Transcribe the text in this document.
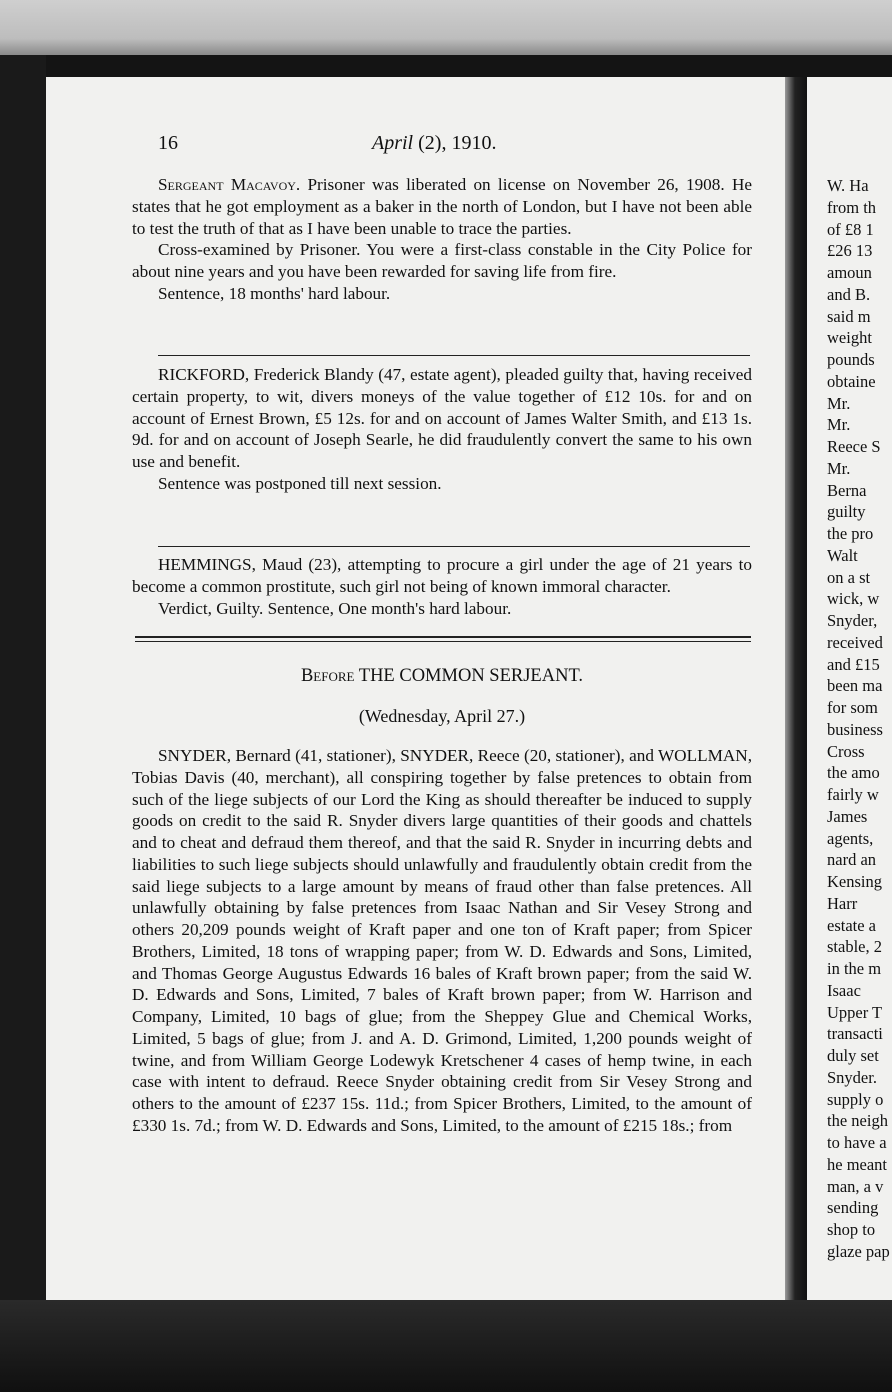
W. Ha
from th
of £8 1
£26 13
amoun
and B.
said m
weight
pounds
obtaine
Mr.
Mr.
Reece S
Mr.
Berna
guilty
the pro
Walt
on a st
wick, w
Snyder,
received
and £15
been ma
for som
business
Cross
the amo
fairly w
James
agents,
nard an
Kensing
Harr
estate a
stable, 2
in the m
Isaac
Upper T
transacti
duly set
Snyder.
supply o
the neigh
to have a
he meant
man, a v
sending
shop to
glaze pap
16	April (2), 1910.

Sergeant Macavoy. Prisoner was liberated on license on November 26, 1908. He states that he got employment as a baker in the north of London, but I have not been able to test the truth of that as I have been unable to trace the parties.

Cross-examined by Prisoner. You were a first-class constable in the City Police for about nine years and you have been rewarded for saving life from fire.

Sentence, 18 months' hard labour.

RICKFORD, Frederick Blandy (47, estate agent), pleaded guilty that, having received certain property, to wit, divers moneys of the value together of £12 10s. for and on account of Ernest Brown, £5 12s. for and on account of James Walter Smith, and £13 1s. 9d. for and on account of Joseph Searle, he did fraudulently convert the same to his own use and benefit.

Sentence was postponed till next session.

HEMMINGS, Maud (23), attempting to procure a girl under the age of 21 years to become a common prostitute, such girl not being of known immoral character.

Verdict, Guilty. Sentence, One month's hard labour.

Before THE COMMON SERJEANT.
(Wednesday, April 27.)

SNYDER, Bernard (41, stationer), SNYDER, Reece (20, stationer), and WOLLMAN, Tobias Davis (40, merchant), all conspiring together by false pretences to obtain from such of the liege subjects of our Lord the King as should thereafter be induced to supply goods on credit to the said R. Snyder divers large quantities of their goods and chattels and to cheat and defraud them thereof, and that the said R. Snyder in incurring debts and liabilities to such liege subjects should unlawfully and fraudulently obtain credit from the said liege subjects to a large amount by means of fraud other than false pretences. All unlawfully obtaining by false pretences from Isaac Nathan and Sir Vesey Strong and others 20,209 pounds weight of Kraft paper and one ton of Kraft paper; from Spicer Brothers, Limited, 18 tons of wrapping paper; from W. D. Edwards and Sons, Limited, and Thomas George Augustus Edwards 16 bales of Kraft brown paper; from the said W. D. Edwards and Sons, Limited, 7 bales of Kraft brown paper; from W. Harrison and Company, Limited, 10 bags of glue; from the Sheppey Glue and Chemical Works, Limited, 5 bags of glue; from J. and A. D. Grimond, Limited, 1,200 pounds weight of twine, and from William George Lodewyk Kretschener 4 cases of hemp twine, in each case with intent to defraud. Reece Snyder obtaining credit from Sir Vesey Strong and others to the amount of £237 15s. 11d.; from Spicer Brothers, Limited, to the amount of £330 1s. 7d.; from W. D. Edwards and Sons, Limited, to the amount of £215 18s.; from
